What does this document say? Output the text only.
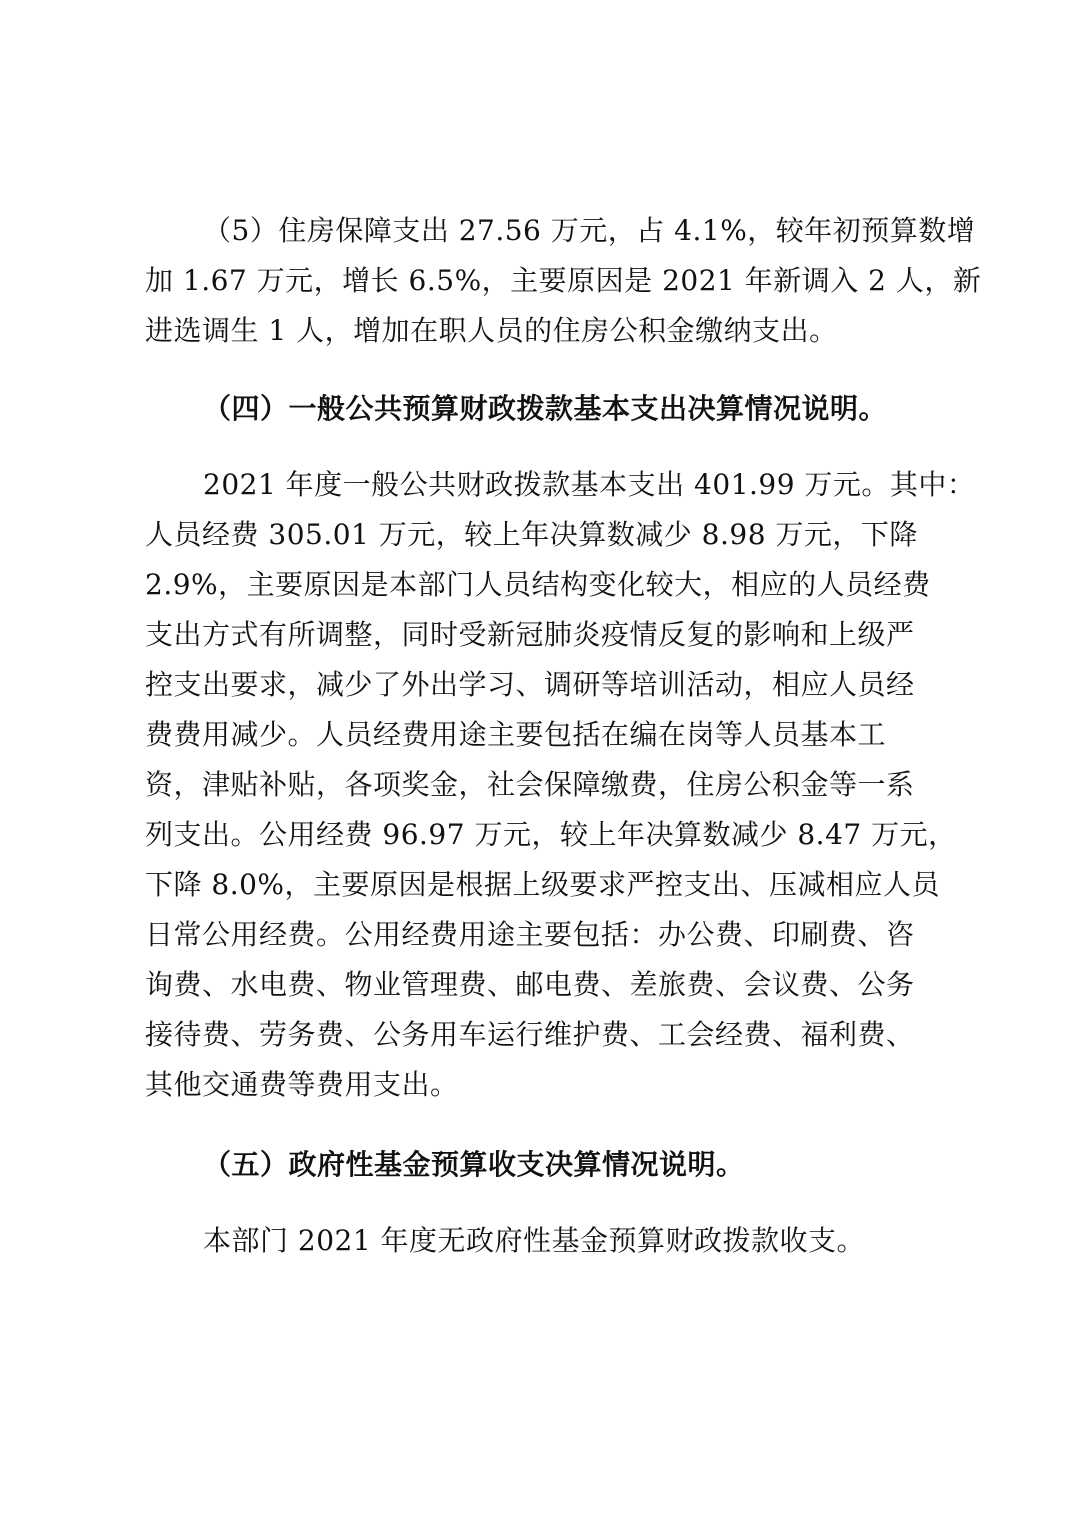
（5）住房保障支出 27.56 万元，占 4.1%，较年初预算数增
加 1.67 万元，增长 6.5%，主要原因是 2021 年新调入 2 人，新
进选调生 1 人，增加在职人员的住房公积金缴纳支出。
（四）一般公共预算财政拨款基本支出决算情况说明。
2021 年度一般公共财政拨款基本支出 401.99 万元。其中：
人员经费 305.01 万元，较上年决算数减少 8.98 万元，下降
2.9%，主要原因是本部门人员结构变化较大，相应的人员经费
支出方式有所调整，同时受新冠肺炎疫情反复的影响和上级严
控支出要求，减少了外出学习、调研等培训活动，相应人员经
费费用减少。人员经费用途主要包括在编在岗等人员基本工
资，津贴补贴，各项奖金，社会保障缴费，住房公积金等一系
列支出。公用经费 96.97 万元，较上年决算数减少 8.47 万元，
下降 8.0%，主要原因是根据上级要求严控支出、压减相应人员
日常公用经费。公用经费用途主要包括：办公费、印刷费、咨
询费、水电费、物业管理费、邮电费、差旅费、会议费、公务
接待费、劳务费、公务用车运行维护费、工会经费、福利费、
其他交通费等费用支出。
（五）政府性基金预算收支决算情况说明。
本部门 2021 年度无政府性基金预算财政拨款收支。
